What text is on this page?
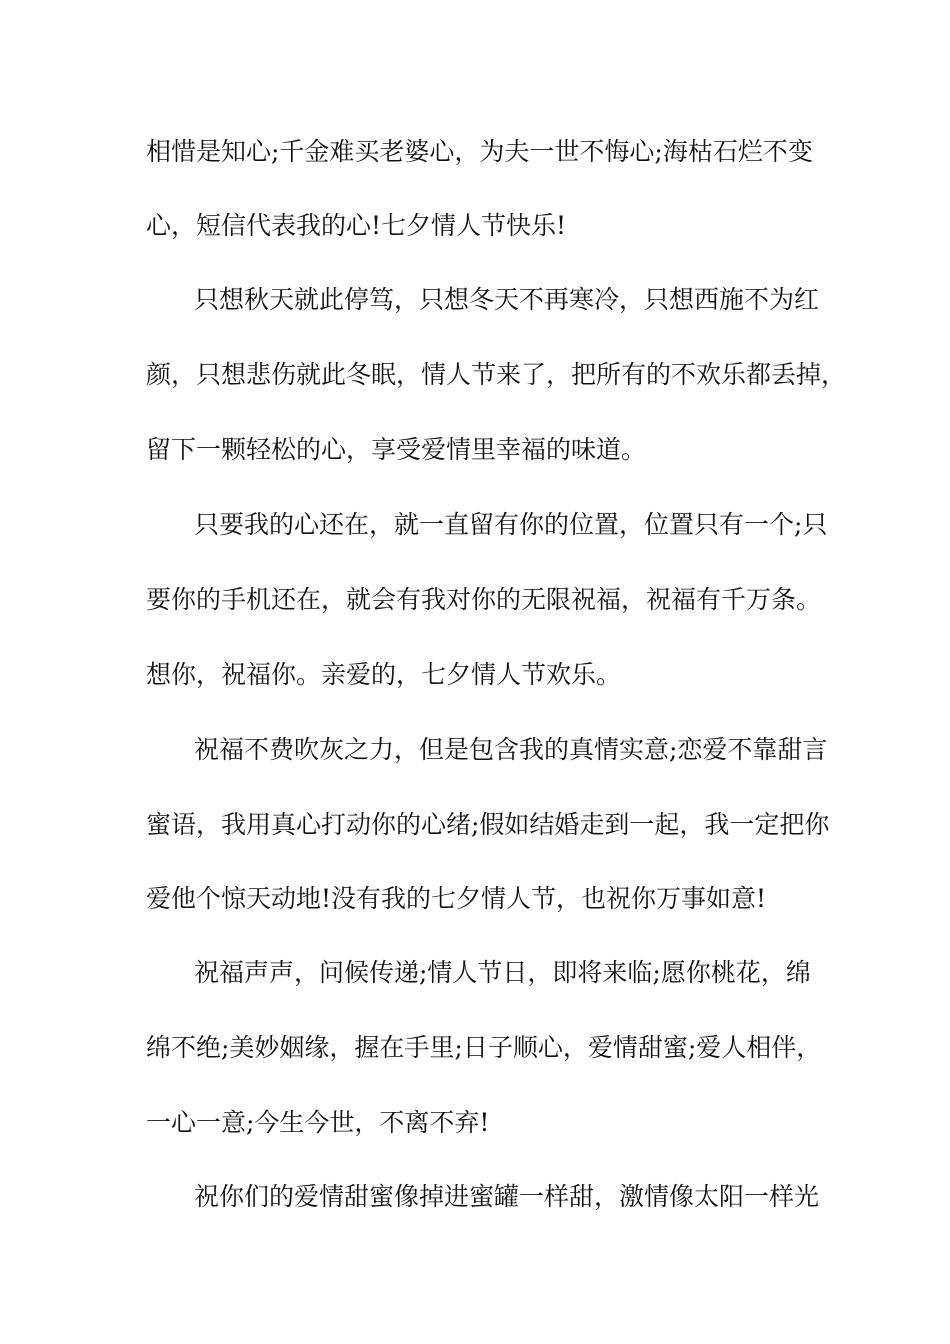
相惜是知心;千金难买老婆心，为夫一世不悔心;海枯石烂不变
心，短信代表我的心!七夕情人节快乐!
只想秋天就此停笃，只想冬天不再寒冷，只想西施不为红
颜，只想悲伤就此冬眠，情人节来了，把所有的不欢乐都丢掉，
留下一颗轻松的心，享受爱情里幸福的味道。
只要我的心还在，就一直留有你的位置，位置只有一个;只
要你的手机还在，就会有我对你的无限祝福，祝福有千万条。
想你，祝福你。亲爱的，七夕情人节欢乐。
祝福不费吹灰之力，但是包含我的真情实意;恋爱不靠甜言
蜜语，我用真心打动你的心绪;假如结婚走到一起，我一定把你
爱他个惊天动地!没有我的七夕情人节，也祝你万事如意!
祝福声声，问候传递;情人节日，即将来临;愿你桃花，绵
绵不绝;美妙姻缘，握在手里;日子顺心，爱情甜蜜;爱人相伴，
一心一意;今生今世，不离不弃!
祝你们的爱情甜蜜像掉进蜜罐一样甜，激情像太阳一样光
